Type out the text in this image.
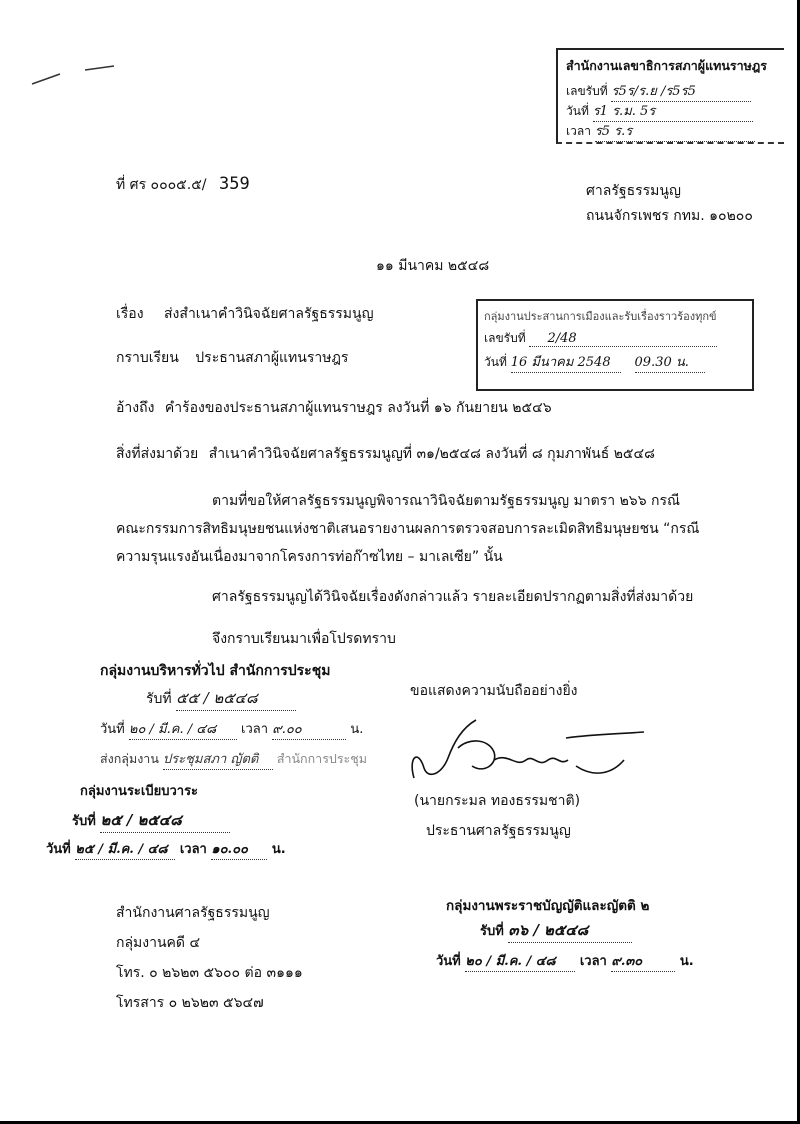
สำนักงานเลขาธิการสภาผู้แทนราษฎร
เลขรับที่ ร5ร/ร.ย /ร5ร5
วันที่ ร1 ร.ม. 5ร
เวลา ร5 ร.ร
ที่ ศร ๐๐๐๕.๕/ 359	ศาลรัฐธรรมนูญ
ถนนจักรเพชร กทม. ๑๐๒๐๐
๑๑ มีนาคม ๒๕๔๘
กลุ่มงานประสานการเมืองและรับเรื่องราวร้องทุกข์
เลขรับที่ 2/48
วันที่ 16 มีนาคม 2548 09.30 น.
เรื่อง ส่งสำเนาคำวินิจฉัยศาลรัฐธรรมนูญ
กราบเรียน ประธานสภาผู้แทนราษฎร
อ้างถึง คำร้องของประธานสภาผู้แทนราษฎร ลงวันที่ ๑๖ กันยายน ๒๕๔๖
สิ่งที่ส่งมาด้วย สำเนาคำวินิจฉัยศาลรัฐธรรมนูญที่ ๓๑/๒๕๔๘ ลงวันที่ ๘ กุมภาพันธ์ ๒๕๔๘
ตามที่ขอให้ศาลรัฐธรรมนูญพิจารณาวินิจฉัยตามรัฐธรรมนูญ มาตรา ๒๖๖ กรณี
คณะกรรมการสิทธิมนุษยชนแห่งชาติเสนอรายงานผลการตรวจสอบการละเมิดสิทธิมนุษยชน “กรณี
ความรุนแรงอันเนื่องมาจากโครงการท่อก๊าซไทย – มาเลเซีย” นั้น
ศาลรัฐธรรมนูญได้วินิจฉัยเรื่องดังกล่าวแล้ว รายละเอียดปรากฏตามสิ่งที่ส่งมาด้วย
จึงกราบเรียนมาเพื่อโปรดทราบ
กลุ่มงานบริหารทั่วไป สำนักการประชุม
รับที่ ๕๕ / ๒๕๔๘
วันที่ ๒๐ / มี.ค. / ๔๘ เวลา ๙.๐๐	น.
ส่งกลุ่มงาน ประชุมสภา ญัตติ สำนักการประชุม
กลุ่มงานระเบียบวาระ
รับที่ ๒๕ / ๒๕๔๘
วันที่ ๒๕ / มี.ค. / ๔๘ เวลา ๑๐.๐๐ น.
ขอแสดงความนับถืออย่างยิ่ง
(นายกระมล ทองธรรมชาติ)
ประธานศาลรัฐธรรมนูญ
กลุ่มงานพระราชบัญญัติและญัตติ ๒
รับที่ ๓๖ / ๒๕๔๘
วันที่ ๒๐ / มี.ค. / ๔๘ เวลา ๙.๓๐	น.
สำนักงานศาลรัฐธรรมนูญ
กลุ่มงานคดี ๔
โทร. ๐ ๒๖๒๓ ๕๖๐๐ ต่อ ๓๑๑๑
โทรสาร ๐ ๒๖๒๓ ๕๖๔๗
